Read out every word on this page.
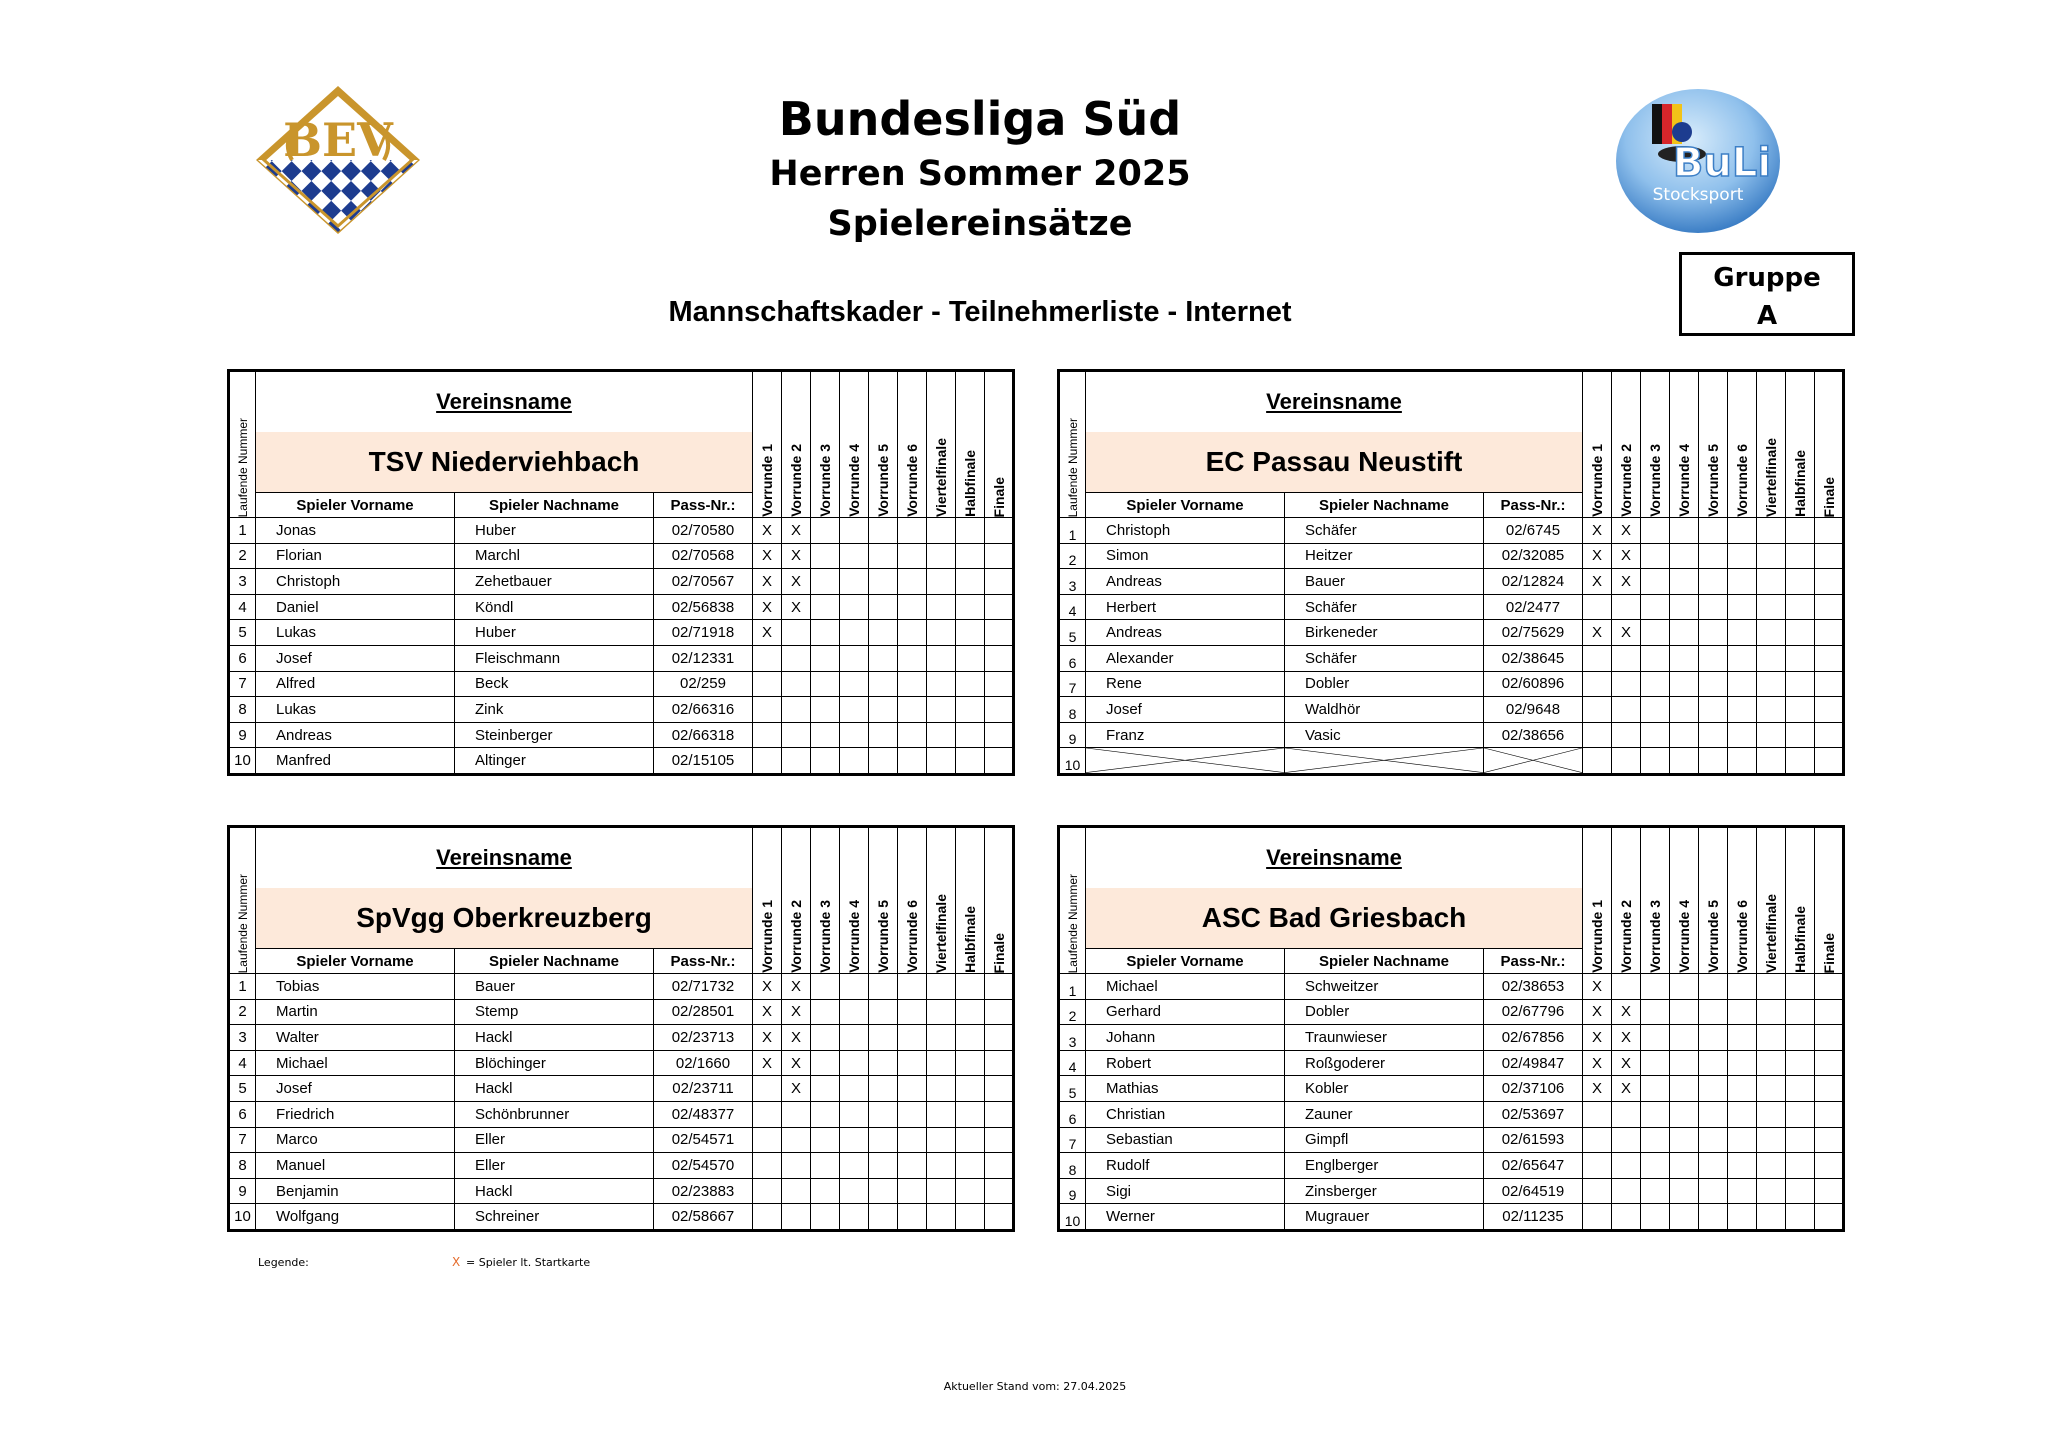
BEV	BuLi
Stocksport
Bundesliga Süd
Herren Sommer 2025
Spielereinsätze
Mannschaftskader - Teilnehmerliste - Internet
Gruppe
A
Laufende Nummer	Vereinsname			Vorrunde 1	Vorrunde 2	Vorrunde 3	Vorrunde 4	Vorrunde 5	Vorrunde 6	Viertelfinale	Halbfinale	Finale

	TSV Niederviehbach											
	Spieler Vorname	Spieler Nachname	Pass-Nr.:									
1	Jonas	Huber	02/70580	X	X							
2	Florian	Marchl	02/70568	X	X							
3	Christoph	Zehetbauer	02/70567	X	X							
4	Daniel	Köndl	02/56838	X	X							
5	Lukas	Huber	02/71918	X								
6	Josef	Fleischmann	02/12331									
7	Alfred	Beck	02/259									
8	Lukas	Zink	02/66316									
9	Andreas	Steinberger	02/66318									
10	Manfred	Altinger	02/15105									
Laufende Nummer	Vereinsname			Vorrunde 1	Vorrunde 2	Vorrunde 3	Vorrunde 4	Vorrunde 5	Vorrunde 6	Viertelfinale	Halbfinale	Finale

	EC Passau Neustift											
	Spieler Vorname	Spieler Nachname	Pass-Nr.:									
1	Christoph	Schäfer	02/6745	X	X							
2	Simon	Heitzer	02/32085	X	X							
3	Andreas	Bauer	02/12824	X	X							
4	Herbert	Schäfer	02/2477									
5	Andreas	Birkeneder	02/75629	X	X							
6	Alexander	Schäfer	02/38645									
7	Rene	Dobler	02/60896									
8	Josef	Waldhör	02/9648									
9	Franz	Vasic	02/38656									
10	

Laufende Nummer	Vereinsname			Vorrunde 1	Vorrunde 2	Vorrunde 3	Vorrunde 4	Vorrunde 5	Vorrunde 6	Viertelfinale	Halbfinale	Finale

	SpVgg Oberkreuzberg											
	Spieler Vorname	Spieler Nachname	Pass-Nr.:									
1	Tobias	Bauer	02/71732	X	X							
2	Martin	Stemp	02/28501	X	X							
3	Walter	Hackl	02/23713	X	X							
4	Michael	Blöchinger	02/1660	X	X							
5	Josef	Hackl	02/23711		X							
6	Friedrich	Schönbrunner	02/48377									
7	Marco	Eller	02/54571									
8	Manuel	Eller	02/54570									
9	Benjamin	Hackl	02/23883									
10	Wolfgang	Schreiner	02/58667									
Laufende Nummer	Vereinsname			Vorrunde 1	Vorrunde 2	Vorrunde 3	Vorrunde 4	Vorrunde 5	Vorrunde 6	Viertelfinale	Halbfinale	Finale

	ASC Bad Griesbach											
	Spieler Vorname	Spieler Nachname	Pass-Nr.:									
1	Michael	Schweitzer	02/38653	X								
2	Gerhard	Dobler	02/67796	X	X							
3	Johann	Traunwieser	02/67856	X	X							
4	Robert	Roßgoderer	02/49847	X	X							
5	Mathias	Kobler	02/37106	X	X							
6	Christian	Zauner	02/53697									
7	Sebastian	Gimpfl	02/61593									
8	Rudolf	Englberger	02/65647									
9	Sigi	Zinsberger	02/64519									
10	Werner	Mugrauer	02/11235									
Legende:	X = Spieler lt. Startkarte
Aktueller Stand vom: 27.04.2025
